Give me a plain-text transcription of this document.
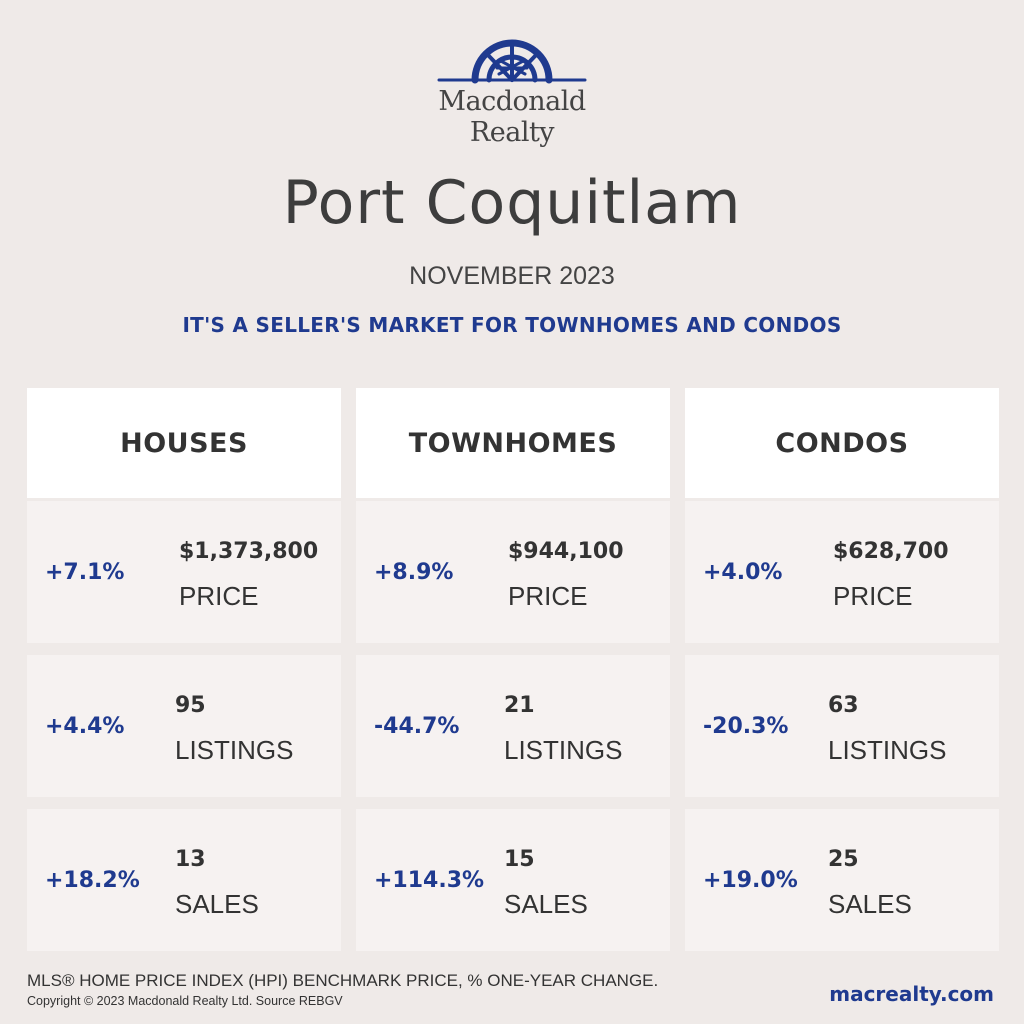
Macdonald
Realty
Port Coquitlam
NOVEMBER 2023
IT'S A SELLER'S MARKET FOR TOWNHOMES AND CONDOS
HOUSES
+7.1%
$1,373,800
PRICE
+4.4%
95
LISTINGS
+18.2%
13
SALES
TOWNHOMES
+8.9%
$944,100
PRICE
-44.7%
21
LISTINGS
+114.3%
15
SALES
CONDOS
+4.0%
$628,700
PRICE
-20.3%
63
LISTINGS
+19.0%
25
SALES
MLS® HOME PRICE INDEX (HPI) BENCHMARK PRICE, % ONE-YEAR CHANGE.
Copyright © 2023 Macdonald Realty Ltd. Source REBGV	macrealty.com
